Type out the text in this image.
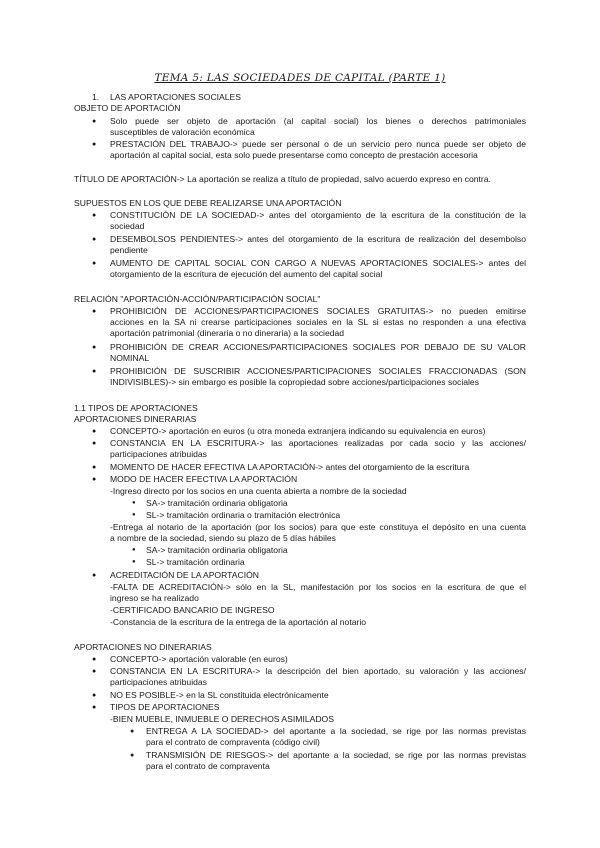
TEMA 5: LAS SOCIEDADES DE CAPITAL (PARTE 1)
1. LAS APORTACIONES SOCIALES
OBJETO DE APORTACIÓN
● Solo puede ser objeto de aportación (al capital social) los bienes o derechos patrimoniales
susceptibles de valoración económica
● PRESTACIÓN DEL TRABAJO-> puede ser personal o de un servicio pero nunca puede ser objeto de
aportación al capital social, esta solo puede presentarse como concepto de prestación accesoria
TÍTULO DE APORTACIÓN-> La aportación se realiza a título de propiedad, salvo acuerdo expreso en contra.
SUPUESTOS EN LOS QUE DEBE REALIZARSE UNA APORTACIÓN
● CONSTITUCIÓN DE LA SOCIEDAD-> antes del otorgamiento de la escritura de la constitución de la
sociedad
● DESEMBOLSOS PENDIENTES-> antes del otorgamiento de la escritura de realización del desembolso
pendiente
● AUMENTO DE CAPITAL SOCIAL CON CARGO A NUEVAS APORTACIONES SOCIALES-> antes del
otorgamiento de la escritura de ejecución del aumento del capital social
RELACIÓN "APORTACIÓN-ACCIÓN/PARTICIPACIÓN SOCIAL"
● PROHIBICIÓN DE ACCIONES/PARTICIPACIONES SOCIALES GRATUITAS-> no pueden emitirse
acciones en la SA ni crearse participaciones sociales en la SL si estas no responden a una efectiva
aportación patrimonial (dineraria o no dineraria) a la sociedad
● PROHIBICIÓN DE CREAR ACCIONES/PARTICIPACIONES SOCIALES POR DEBAJO DE SU VALOR
NOMINAL
● PROHIBICIÓN DE SUSCRIBIR ACCIONES/PARTICIPACIONES SOCIALES FRACCIONADAS (SON
INDIVISIBLES)-> sin embargo es posible la copropiedad sobre acciones/participaciones sociales
1.1 TIPOS DE APORTACIONES
APORTACIONES DINERARIAS
● CONCEPTO-> aportación en euros (u otra moneda extranjera indicando su equivalencia en euros)
● CONSTANCIA EN LA ESCRITURA-> las aportaciones realizadas por cada socio y las acciones/
participaciones atribuidas
● MOMENTO DE HACER EFECTIVA LA APORTACIÓN-> antes del otorgamiento de la escritura
● MODO DE HACER EFECTIVA LA APORTACIÓN
-Ingreso directo por los socios en una cuenta abierta a nombre de la sociedad
● SA-> tramitación ordinaria obligatoria
● SL-> tramitación ordinaria o tramitación electrónica
-Entrega al notario de la aportación (por los socios) para que este constituya el depósito en una cuenta
a nombre de la sociedad, siendo su plazo de 5 días hábiles
● SA-> tramitación ordinaria obligatoria
● SL-> tramitación ordinaria
● ACREDITACIÓN DE LA APORTACIÓN
-FALTA DE ACREDITACIÓN-> sólo en la SL, manifestación por los socios en la escritura de que el
ingreso se ha realizado
-CERTIFICADO BANCARIO DE INGRESO
-Constancia de la escritura de la entrega de la aportación al notario
APORTACIONES NO DINERARIAS
● CONCEPTO-> aportación valorable (en euros)
● CONSTANCIA EN LA ESCRITURA-> la descripción del bien aportado, su valoración y las acciones/
participaciones atribuidas
● NO ES POSIBLE-> en la SL constituida electrónicamente
● TIPOS DE APORTACIONES
-BIEN MUEBLE, INMUEBLE O DERECHOS ASIMILADOS
● ENTREGA A LA SOCIEDAD-> del aportante a la sociedad, se rige por las normas previstas
para el contrato de compraventa (código civil)
● TRANSMISIÓN DE RIESGOS-> del aportante a la sociedad, se rige por las normas previstas
para el contrato de compraventa
